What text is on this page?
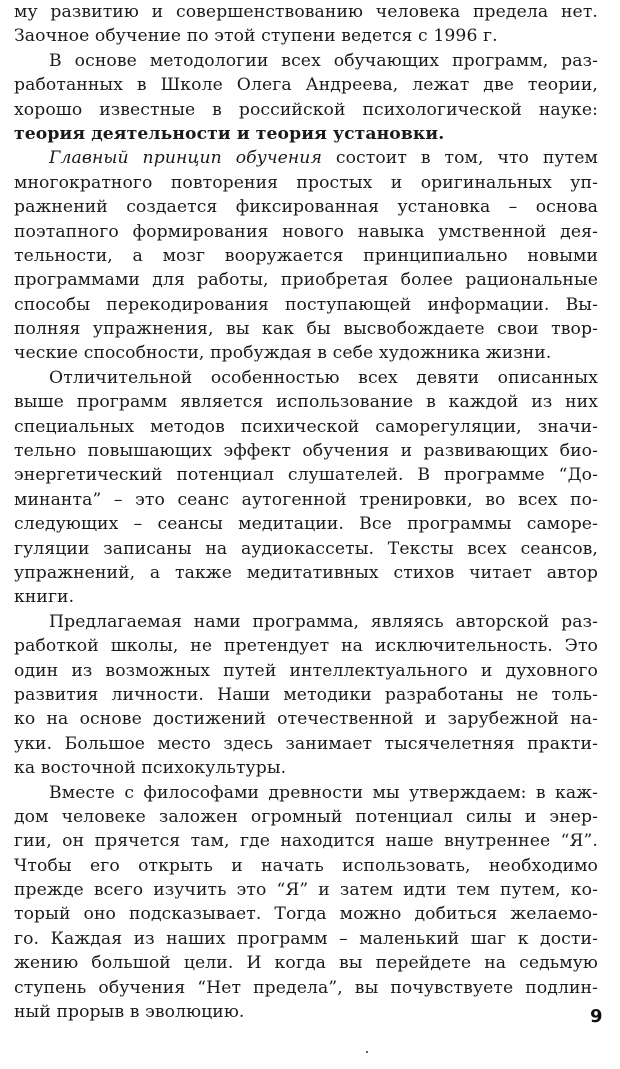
му развитию и совершенствованию человека предела нет.
Заочное обучение по этой ступени ведется с 1996 г.
В основе методологии всех обучающих программ, раз-
работанных в Школе Олега Андреева, лежат две теории,
хорошо известные в российской психологической науке:
теория деятельности и теория установки.
Главный принцип обучения состоит в том, что путем
многократного повторения простых и оригинальных уп-
ражнений создается фиксированная установка – основа
поэтапного формирования нового навыка умственной дея-
тельности, а мозг вооружается принципиально новыми
программами для работы, приобретая более рациональные
способы перекодирования поступающей информации. Вы-
полняя упражнения, вы как бы высвобождаете свои твор-
ческие способности, пробуждая в себе художника жизни.
Отличительной особенностью всех девяти описанных
выше программ является использование в каждой из них
специальных методов психической саморегуляции, значи-
тельно повышающих эффект обучения и развивающих био-
энергетический потенциал слушателей. В программе “До-
минанта” – это сеанс аутогенной тренировки, во всех по-
следующих – сеансы медитации. Все программы саморе-
гуляции записаны на аудиокассеты. Тексты всех сеансов,
упражнений, а также медитативных стихов читает автор
книги.
Предлагаемая нами программа, являясь авторской раз-
работкой школы, не претендует на исключительность. Это
один из возможных путей интеллектуального и духовного
развития личности. Наши методики разработаны не толь-
ко на основе достижений отечественной и зарубежной на-
уки. Большое место здесь занимает тысячелетняя практи-
ка восточной психокультуры.
Вместе с философами древности мы утверждаем: в каж-
дом человеке заложен огромный потенциал силы и энер-
гии, он прячется там, где находится наше внутреннее “Я”.
Чтобы его открыть и начать использовать, необходимо
прежде всего изучить это “Я” и затем идти тем путем, ко-
торый оно подсказывает. Тогда можно добиться желаемо-
го. Каждая из наших программ – маленький шаг к дости-
жению большой цели. И когда вы перейдете на седьмую
ступень обучения “Нет предела”, вы почувствуете подлин-
ный прорыв в эволюцию.	9
